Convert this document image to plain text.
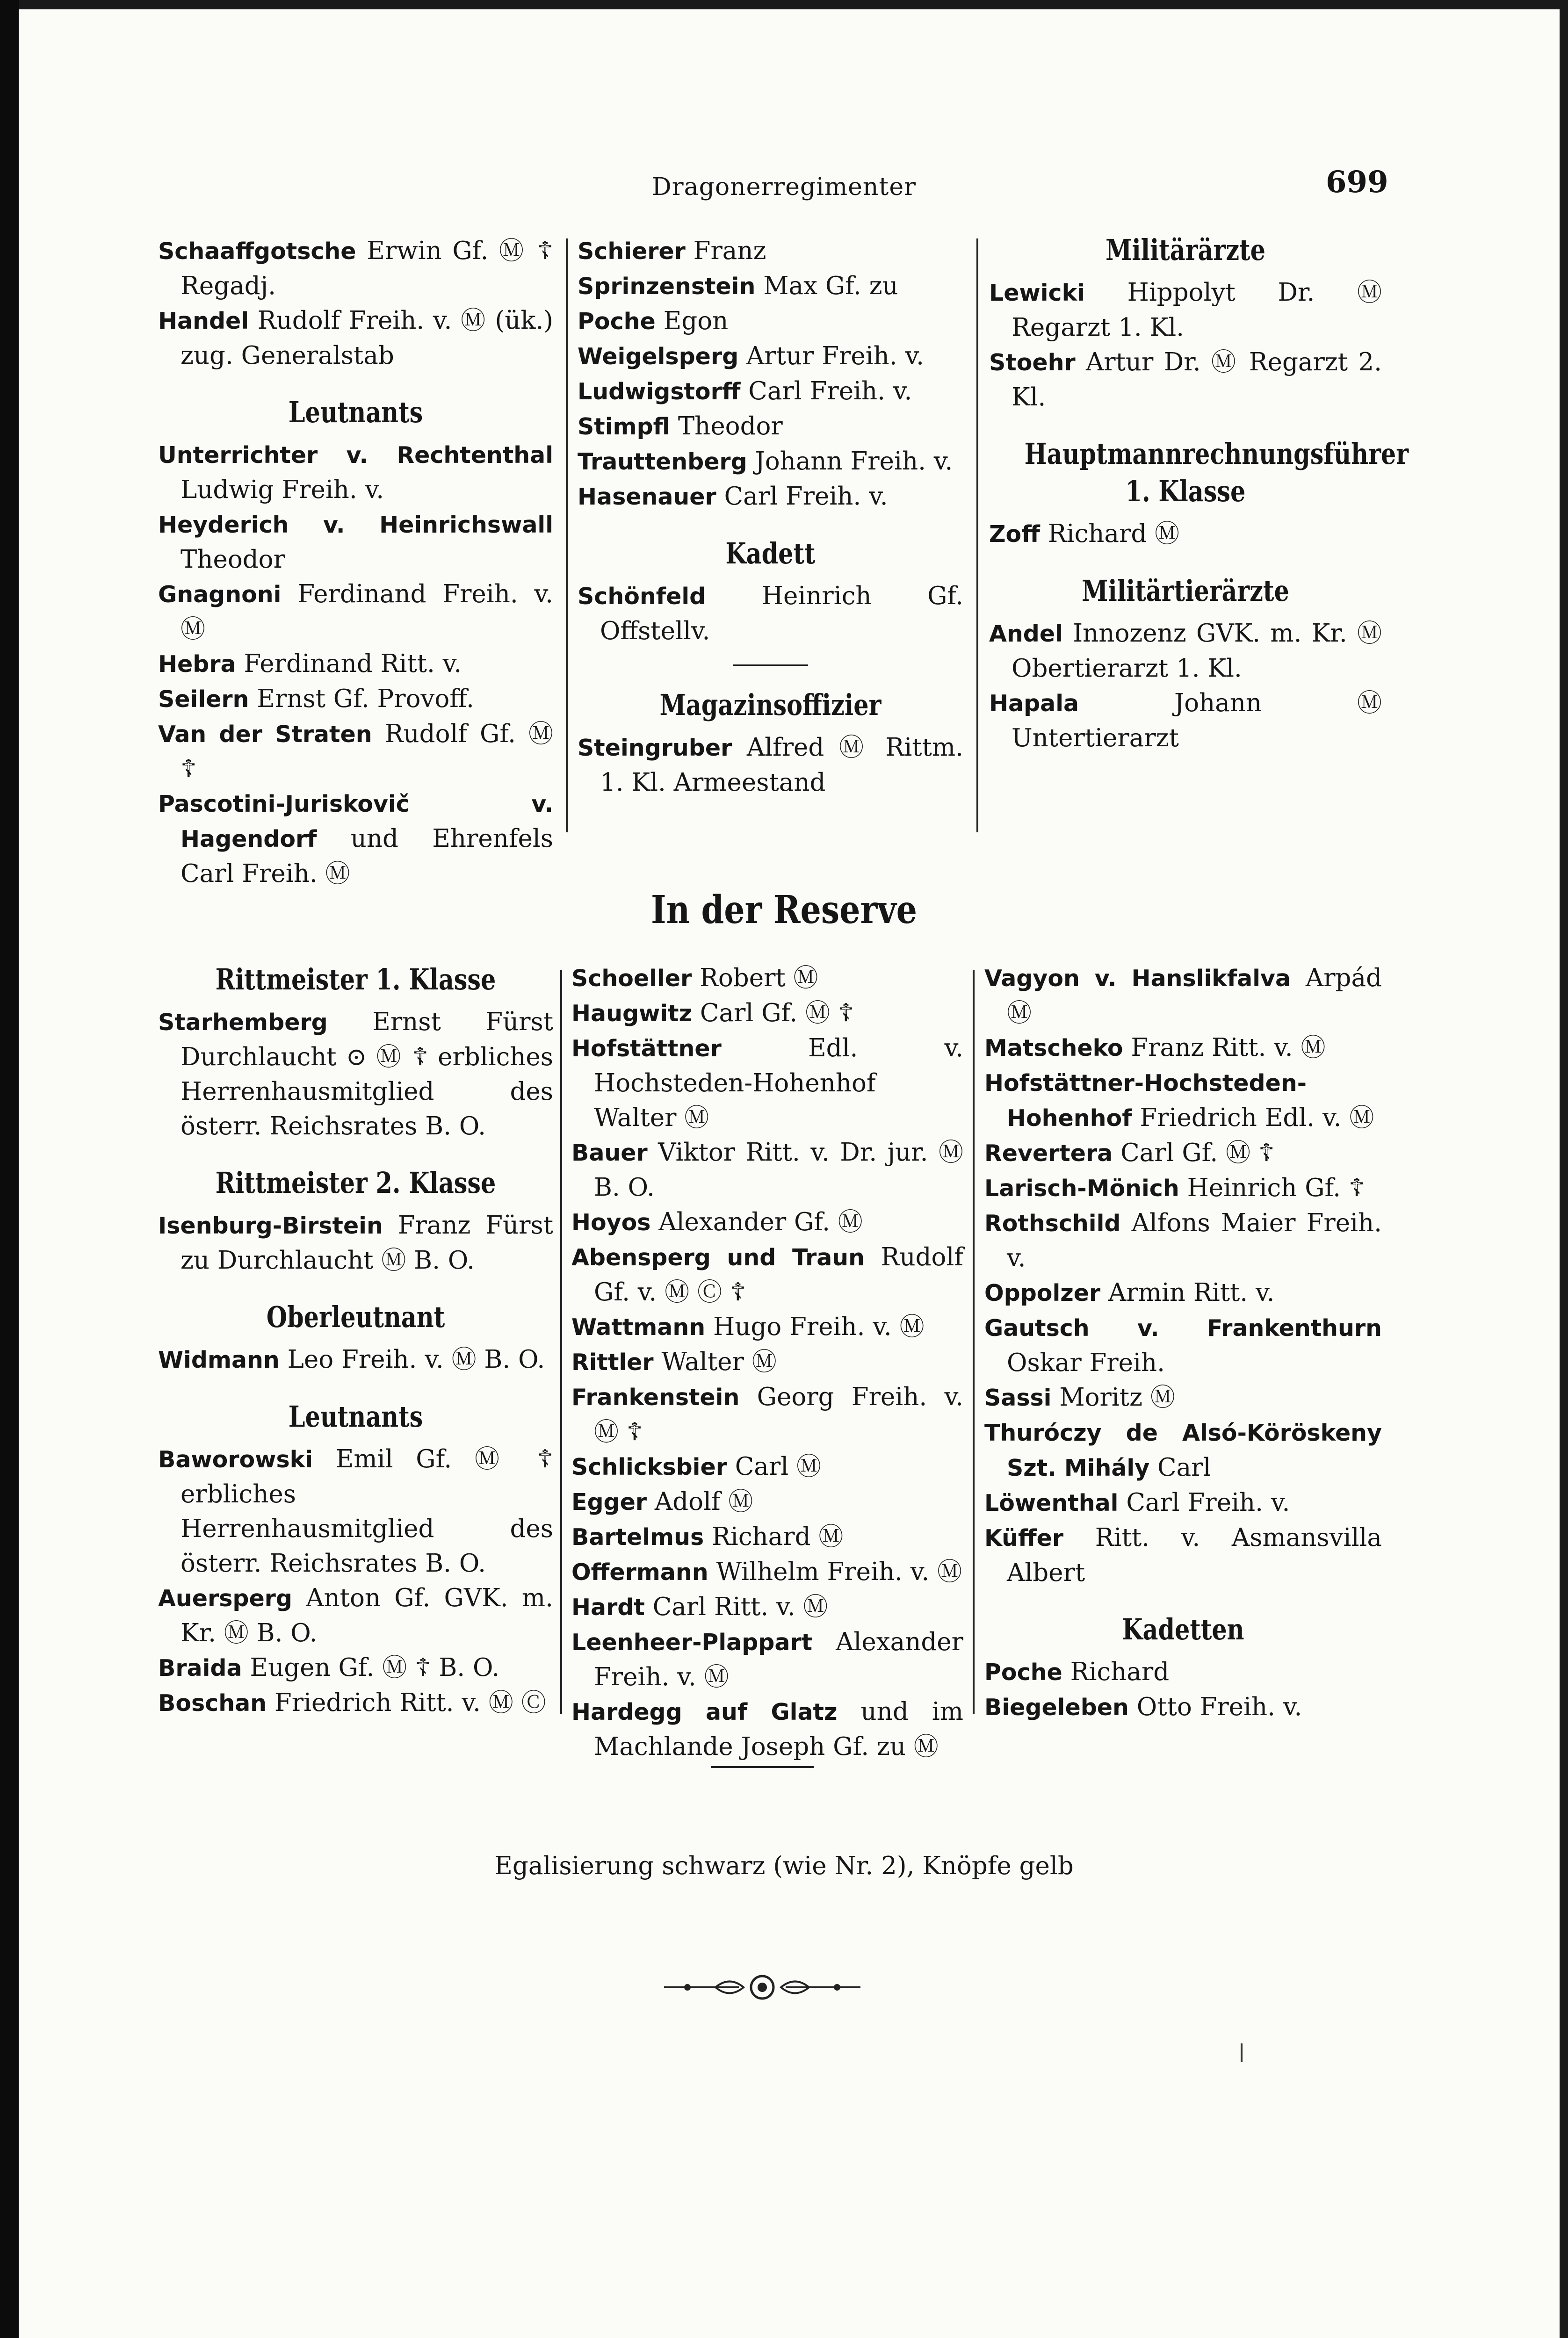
Dragonerregimenter	699
Schaaffgotsche Erwin Gf. Ⓜ ☦ Regadj.
Handel Rudolf Freih. v. Ⓜ (ük.) zug. Generalstab
Leutnants
Unterrichter v. Rechtenthal Ludwig Freih. v.
Heyderich v. Heinrichswall Theodor
Gnagnoni Ferdinand Freih. v. Ⓜ
Hebra Ferdinand Ritt. v.
Seilern Ernst Gf. Provoff.
Van der Straten Rudolf Gf. Ⓜ ☦
Pascotini-Juriskovič v. Hagendorf und Ehrenfels Carl Freih. Ⓜ
Schierer Franz
Sprinzenstein Max Gf. zu
Poche Egon
Weigelsperg Artur Freih. v.
Ludwigstorff Carl Freih. v.
Stimpfl Theodor
Trauttenberg Johann Freih. v.
Hasenauer Carl Freih. v.
Kadett
Schönfeld Heinrich Gf. Offstellv.
Magazinsoffizier
Steingruber Alfred Ⓜ Rittm. 1. Kl. Armeestand
Militärärzte
Lewicki Hippolyt Dr. Ⓜ Regarzt 1. Kl.
Stoehr Artur Dr. Ⓜ Regarzt 2. Kl.
Hauptmannrechnungsführer 1. Klasse
Zoff Richard Ⓜ
Militärtierärzte
Andel Innozenz GVK. m. Kr. Ⓜ Obertierarzt 1. Kl.
Hapala	Johann Ⓜ Untertierarzt
In der Reserve
Rittmeister 1. Klasse
Starhemberg Ernst Fürst Durchlaucht ⊙ Ⓜ ☦ erbliches Herrenhausmitglied des österr. Reichsrates B. O.
Rittmeister 2. Klasse
Isenburg-Birstein Franz Fürst zu Durchlaucht Ⓜ B. O.
Oberleutnant
Widmann Leo Freih. v. Ⓜ B. O.
Leutnants
Baworowski Emil Gf. Ⓜ ☦ erbliches Herrenhausmitglied des österr. Reichsrates B. O.
Auersperg Anton Gf. GVK. m. Kr. Ⓜ B. O.
Braida Eugen Gf. Ⓜ ☦ B. O.
Boschan Friedrich Ritt. v. Ⓜ Ⓒ
Schoeller Robert Ⓜ
Haugwitz Carl Gf. Ⓜ ☦
Hofstättner	Edl. v. Hochsteden-Hohenhof Walter Ⓜ
Bauer Viktor Ritt. v. Dr. jur. Ⓜ B. O.
Hoyos Alexander Gf. Ⓜ
Abensperg und Traun Rudolf Gf. v. Ⓜ Ⓒ ☦
Wattmann Hugo Freih. v. Ⓜ
Rittler Walter Ⓜ
Frankenstein Georg Freih. v. Ⓜ ☦
Schlicksbier Carl Ⓜ
Egger Adolf Ⓜ
Bartelmus Richard Ⓜ
Offermann Wilhelm Freih. v. Ⓜ
Hardt Carl Ritt. v. Ⓜ
Leenheer-Plappart Alexander Freih. v. Ⓜ
Hardegg auf Glatz und im Machlande Joseph Gf. zu Ⓜ
Vagyon v. Hanslikfalva Arpád Ⓜ
Matscheko Franz Ritt. v. Ⓜ
Hofstättner-Hochsteden-Hohenhof Friedrich Edl. v. Ⓜ
Revertera Carl Gf. Ⓜ ☦
Larisch-Mönich Heinrich Gf. ☦
Rothschild Alfons Maier Freih. v.
Oppolzer Armin Ritt. v.
Gautsch v. Frankenthurn Oskar Freih.
Sassi Moritz Ⓜ
Thuróczy de Alsó-Köröskeny Szt. Mihály Carl
Löwenthal Carl Freih. v.
Küffer Ritt. v. Asmansvilla Albert
Kadetten
Poche Richard
Biegeleben Otto Freih. v.
Egalisierung schwarz (wie Nr. 2), Knöpfe gelb
